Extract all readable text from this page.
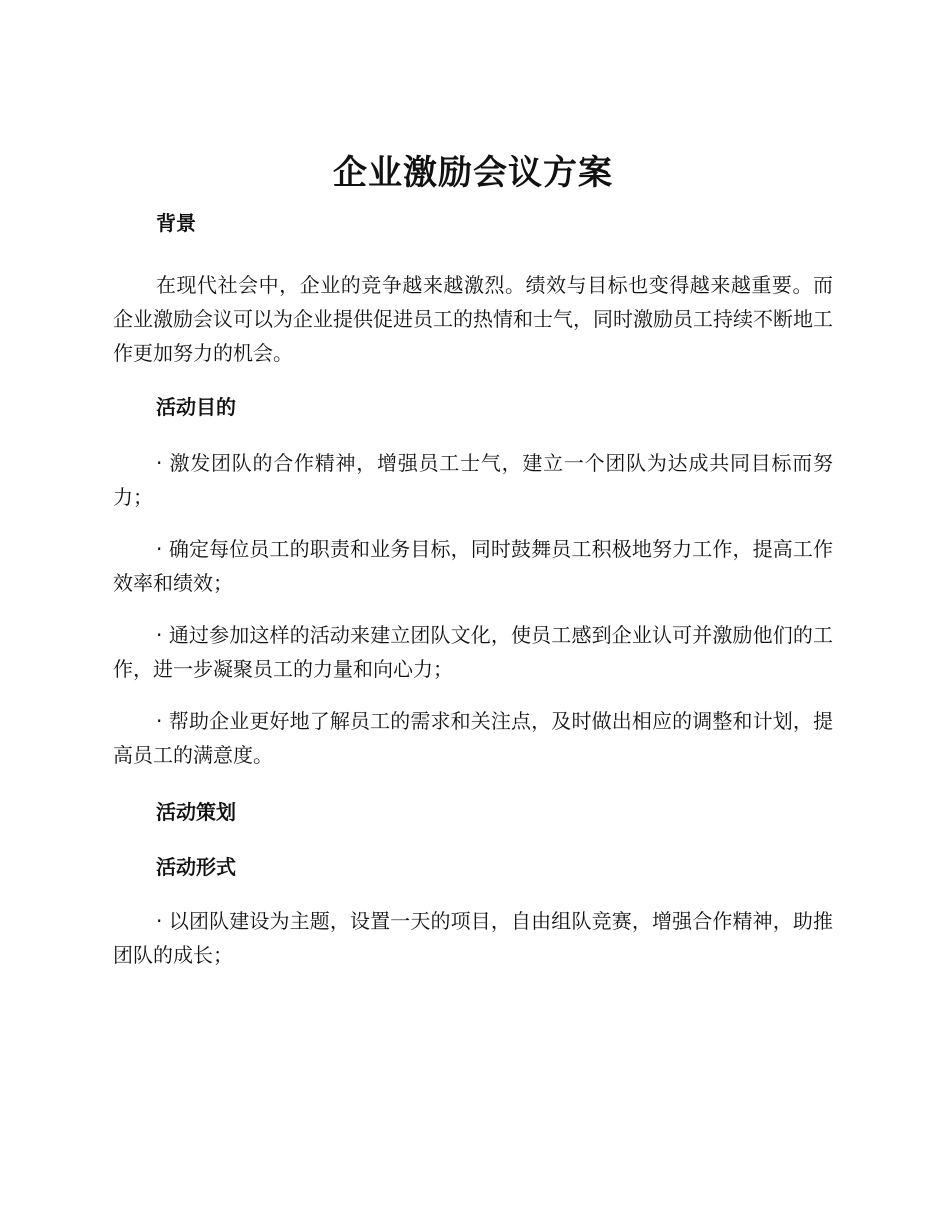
企业激励会议方案
背景

在现代社会中，企业的竞争越来越激烈。绩效与目标也变得越来越重要。而企业激励会议可以为企业提供促进员工的热情和士气，同时激励员工持续不断地工作更加努力的机会。

活动目的

· 激发团队的合作精神，增强员工士气，建立一个团队为达成共同目标而努力；

· 确定每位员工的职责和业务目标，同时鼓舞员工积极地努力工作，提高工作效率和绩效；

· 通过参加这样的活动来建立团队文化，使员工感到企业认可并激励他们的工作，进一步凝聚员工的力量和向心力；

· 帮助企业更好地了解员工的需求和关注点，及时做出相应的调整和计划，提高员工的满意度。

活动策划
活动形式

· 以团队建设为主题，设置一天的项目，自由组队竞赛，增强合作精神，助推团队的成长；
